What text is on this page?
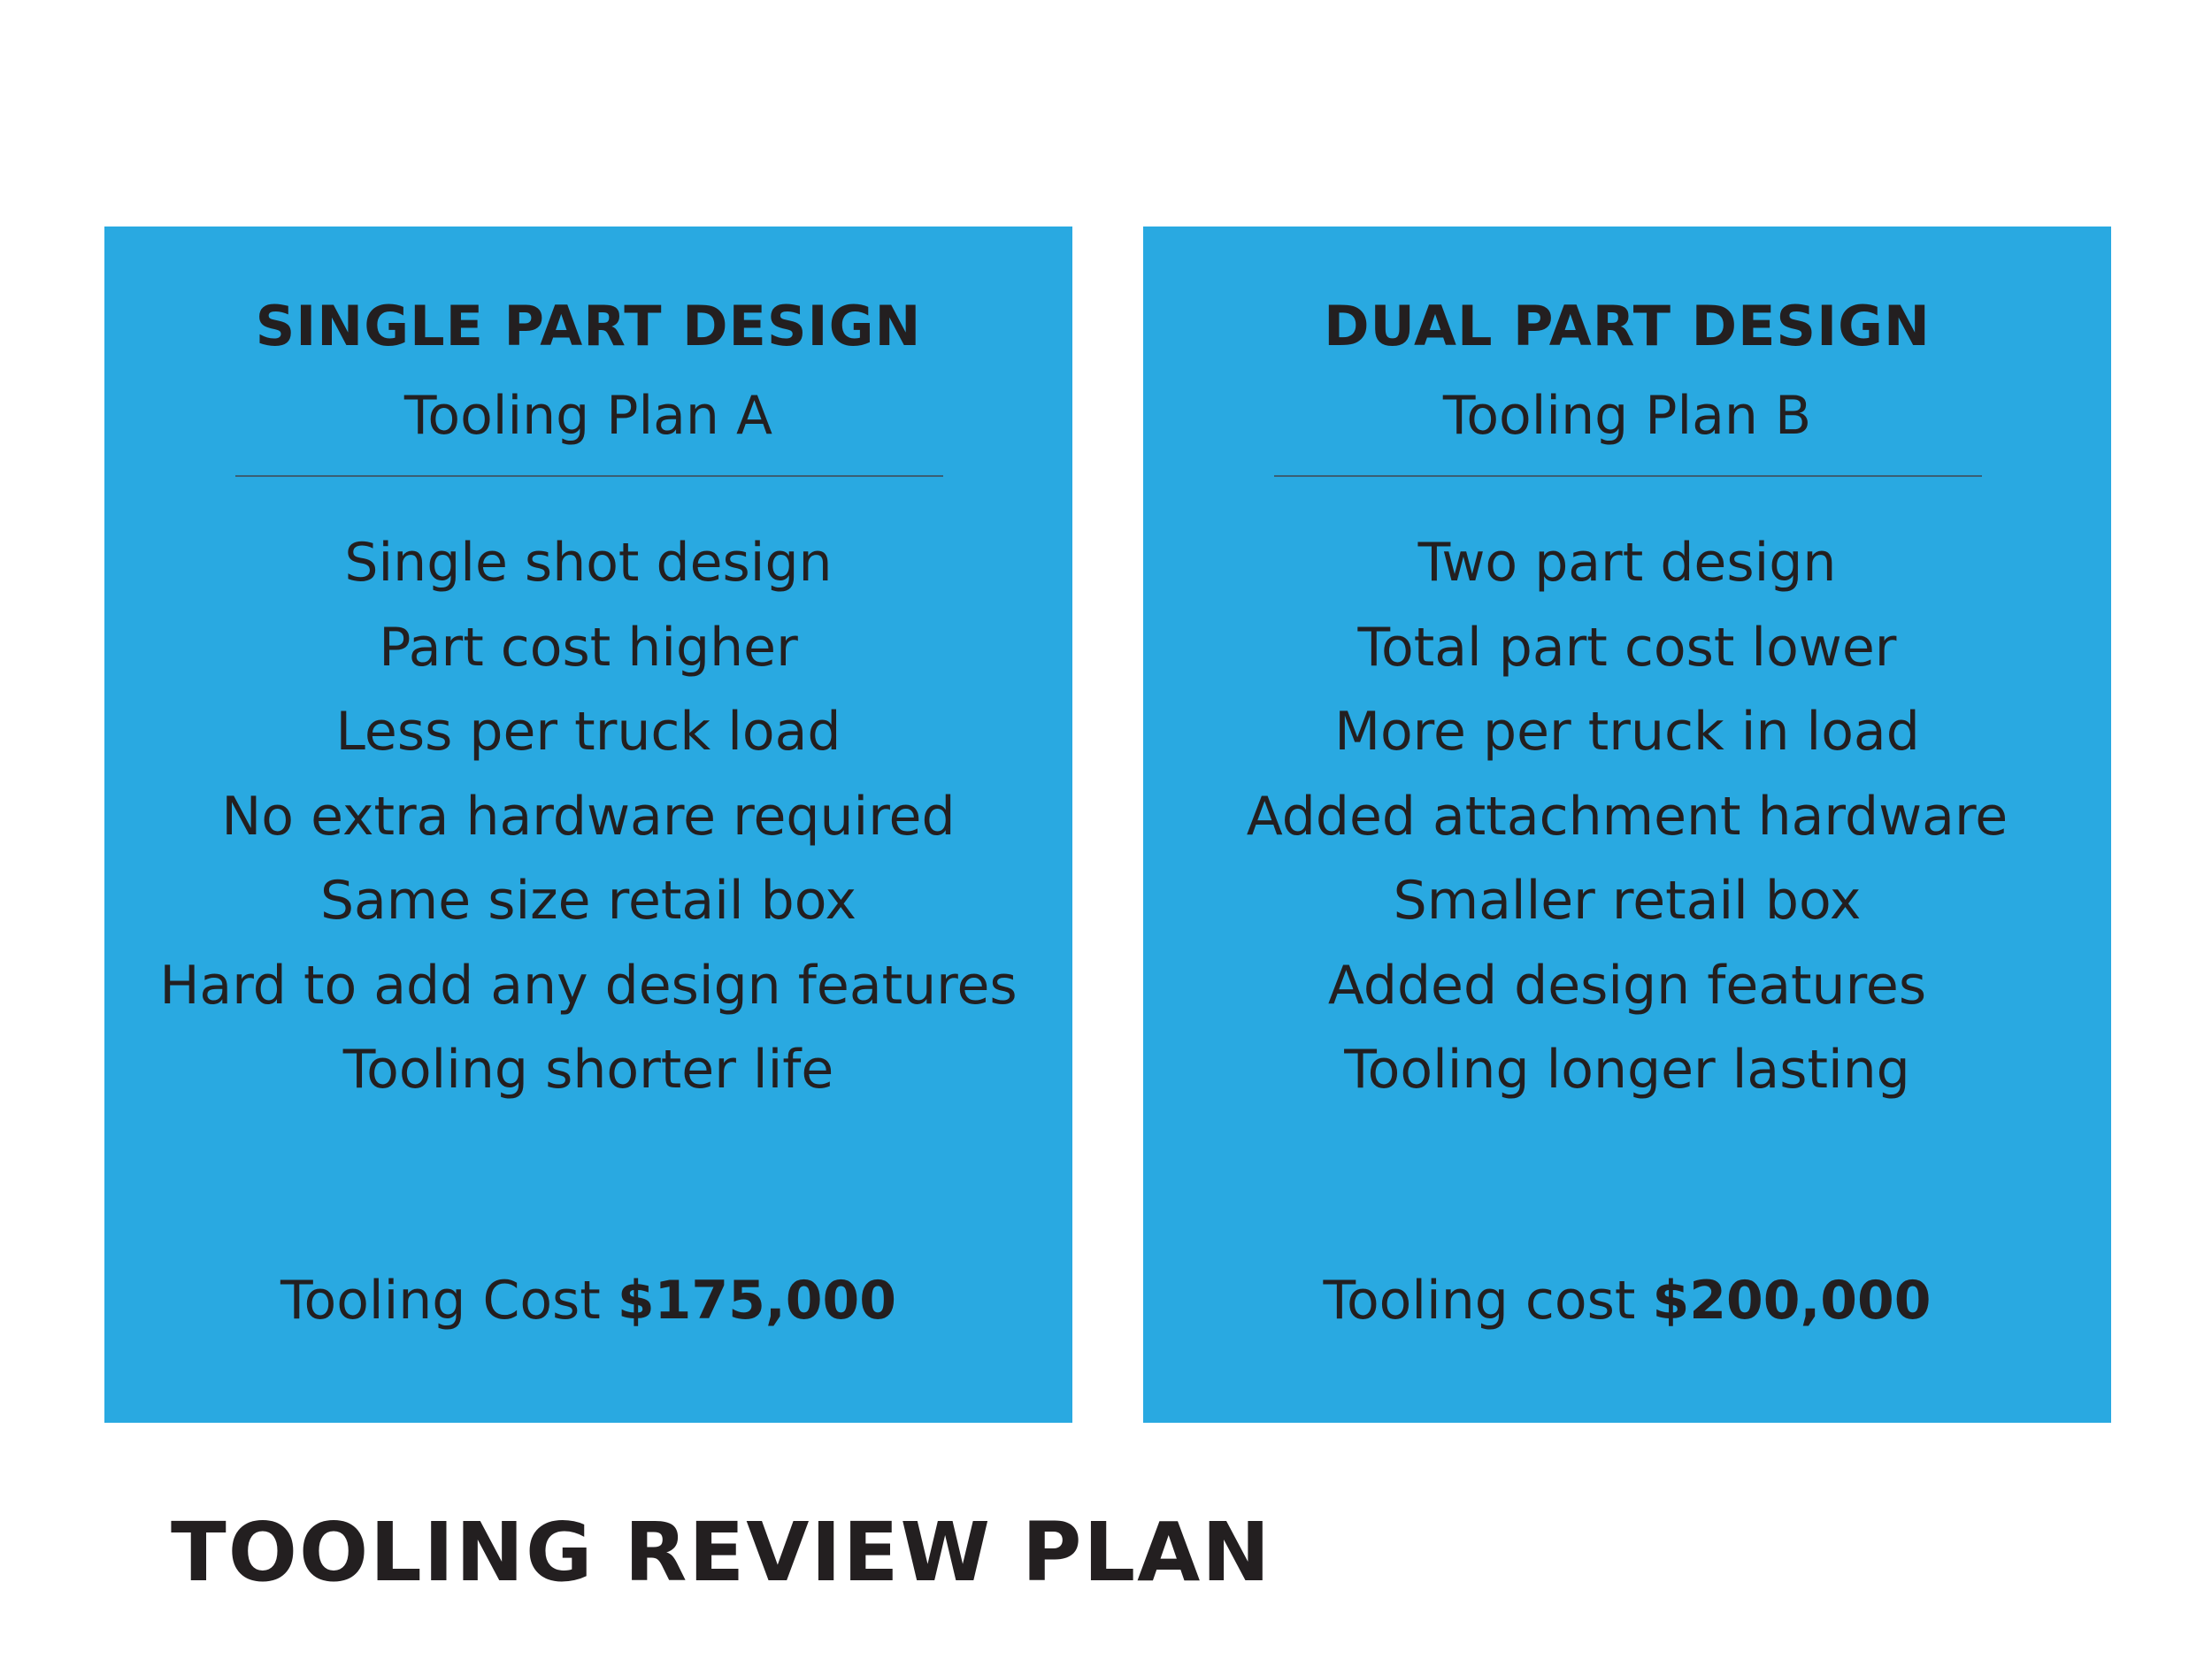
SINGLE PART DESIGN
Tooling Plan A
Single shot design
Part cost higher
Less per truck load
No extra hardware required
Same size retail box
Hard to add any design features
Tooling shorter life
Tooling Cost $175,000
DUAL PART DESIGN
Tooling Plan B
Two part design
Total part cost lower
More per truck in load
Added attachment hardware
Smaller retail box
Added design features
Tooling longer lasting
Tooling cost $200,000
TOOLING REVIEW PLAN
